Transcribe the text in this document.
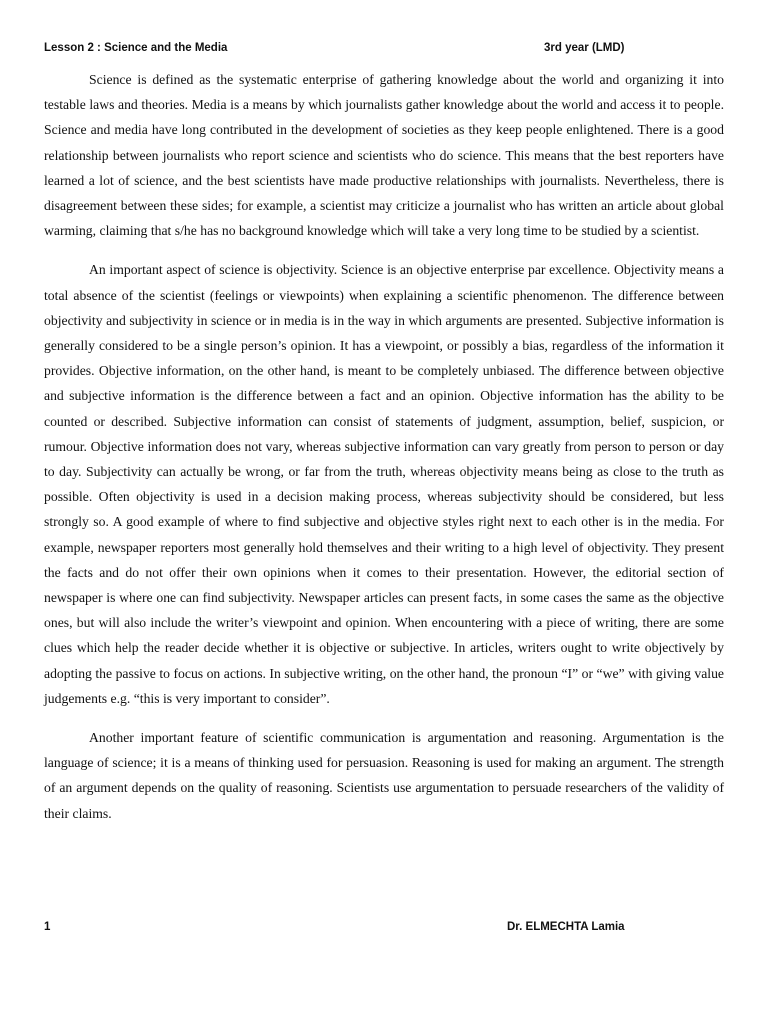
Lesson 2 : Science and the Media	3rd year (LMD)

Science is defined as the systematic enterprise of gathering knowledge about the world and organizing it into testable laws and theories. Media is a means by which journalists gather knowledge about the world and access it to people. Science and media have long contributed in the development of societies as they keep people enlightened. There is a good relationship between journalists who report science and scientists who do science. This means that the best reporters have learned a lot of science, and the best scientists have made productive relationships with journalists. Nevertheless, there is disagreement between these sides; for example, a scientist may criticize a journalist who has written an article about global warming, claiming that s/he has no background knowledge which will take a very long time to be studied by a scientist.

An important aspect of science is objectivity. Science is an objective enterprise par excellence. Objectivity means a total absence of the scientist (feelings or viewpoints) when explaining a scientific phenomenon. The difference between objectivity and subjectivity in science or in media is in the way in which arguments are presented. Subjective information is generally considered to be a single person’s opinion. It has a viewpoint, or possibly a bias, regardless of the information it provides. Objective information, on the other hand, is meant to be completely unbiased. The difference between objective and subjective information is the difference between a fact and an opinion. Objective information has the ability to be counted or described. Subjective information can consist of statements of judgment, assumption, belief, suspicion, or rumour. Objective information does not vary, whereas subjective information can vary greatly from person to person or day to day. Subjectivity can actually be wrong, or far from the truth, whereas objectivity means being as close to the truth as possible. Often objectivity is used in a decision making process, whereas subjectivity should be considered, but less strongly so. A good example of where to find subjective and objective styles right next to each other is in the media. For example, newspaper reporters most generally hold themselves and their writing to a high level of objectivity. They present the facts and do not offer their own opinions when it comes to their presentation. However, the editorial section of newspaper is where one can find subjectivity. Newspaper articles can present facts, in some cases the same as the objective ones, but will also include the writer’s viewpoint and opinion. When encountering with a piece of writing, there are some clues which help the reader decide whether it is objective or subjective. In articles, writers ought to write objectively by adopting the passive to focus on actions. In subjective writing, on the other hand, the pronoun “I” or “we” with giving value judgements e.g. “this is very important to consider”.

Another important feature of scientific communication is argumentation and reasoning. Argumentation is the language of science; it is a means of thinking used for persuasion. Reasoning is used for making an argument. The strength of an argument depends on the quality of reasoning. Scientists use argumentation to persuade researchers of the validity of their claims.

1	Dr. ELMECHTA Lamia
